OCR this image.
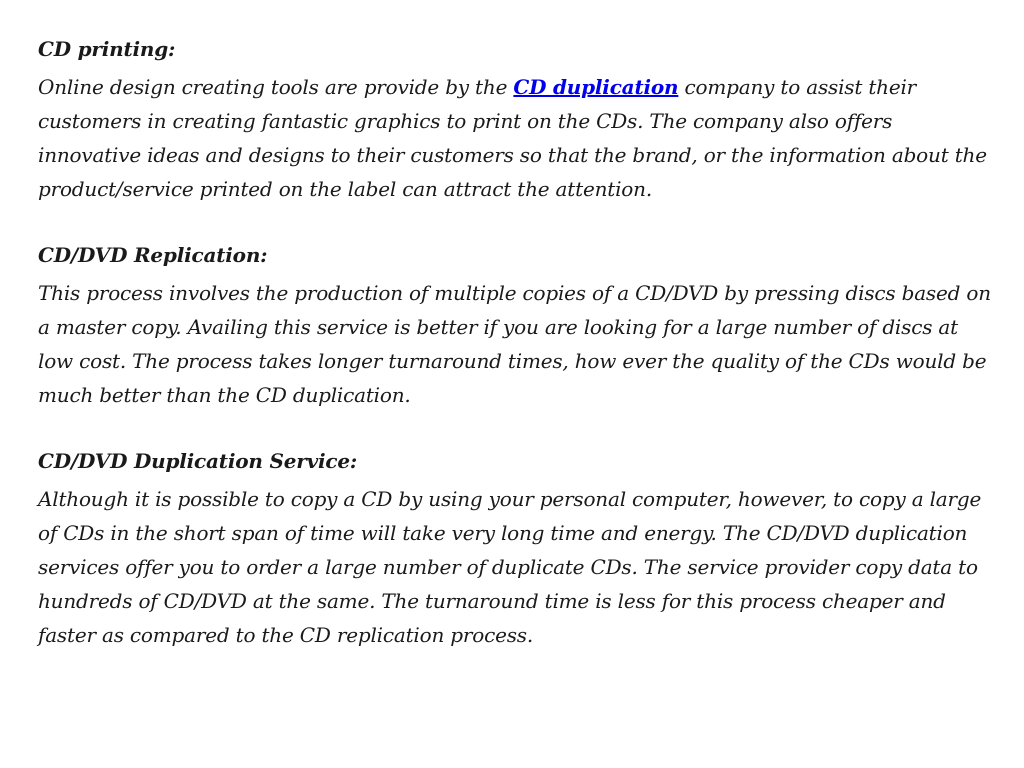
CD printing:

Online design creating tools are provide by the CD duplication company to assist their customers in creating fantastic graphics to print on the CDs. The company also offers innovative ideas and designs to their customers so that the brand, or the information about the product/service printed on the label can attract the attention.

CD/DVD Replication:

This process involves the production of multiple copies of a CD/DVD by pressing discs based on a master copy. Availing this service is better if you are looking for a large number of discs at low cost. The process takes longer turnaround times, how ever the quality of the CDs would be much better than the CD duplication.

CD/DVD Duplication Service:

Although it is possible to copy a CD by using your personal computer, however, to copy a large of CDs in the short span of time will take very long time and energy. The CD/DVD duplication services offer you to order a large number of duplicate CDs. The service provider copy data to hundreds of CD/DVD at the same. The turnaround time is less for this process cheaper and faster as compared to the CD replication process.
